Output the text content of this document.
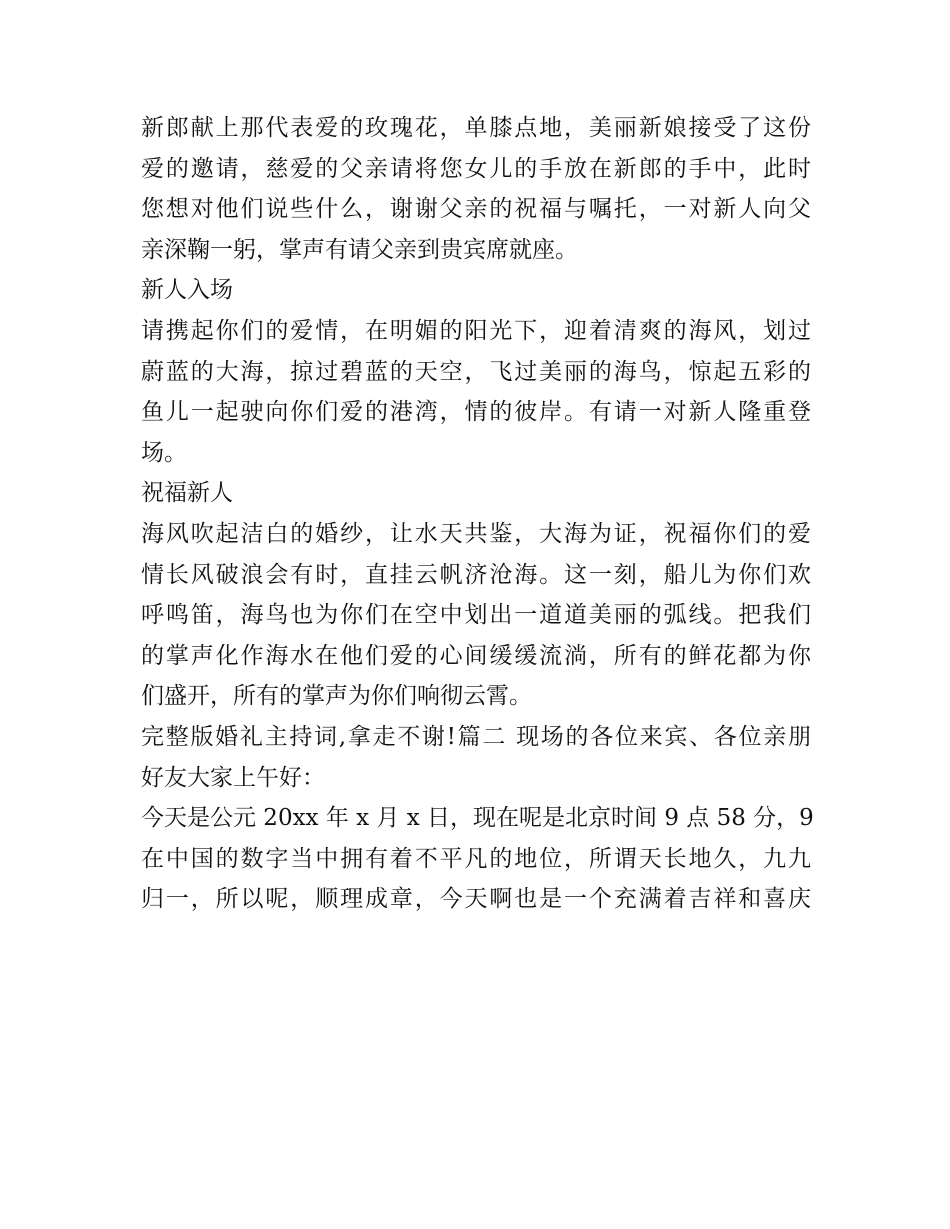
新郎献上那代表爱的玫瑰花，单膝点地，美丽新娘接受了这份
爱的邀请，慈爱的父亲请将您女儿的手放在新郎的手中，此时
您想对他们说些什么，谢谢父亲的祝福与嘱托，一对新人向父
亲深鞠一躬，掌声有请父亲到贵宾席就座。
新人入场
请携起你们的爱情，在明媚的阳光下，迎着清爽的海风，划过
蔚蓝的大海，掠过碧蓝的天空，飞过美丽的海鸟，惊起五彩的
鱼儿一起驶向你们爱的港湾，情的彼岸。有请一对新人隆重登
场。
祝福新人
海风吹起洁白的婚纱，让水天共鉴，大海为证，祝福你们的爱
情长风破浪会有时，直挂云帆济沧海。这一刻，船儿为你们欢
呼鸣笛，海鸟也为你们在空中划出一道道美丽的弧线。把我们
的掌声化作海水在他们爱的心间缓缓流淌，所有的鲜花都为你
们盛开，所有的掌声为你们响彻云霄。
完整版婚礼主持词,拿走不谢!篇二 现场的各位来宾、各位亲朋
好友大家上午好：
今天是公元 20xx 年 x 月 x 日，现在呢是北京时间 9 点 58 分，9
在中国的数字当中拥有着不平凡的地位，所谓天长地久，九九
归一，所以呢，顺理成章，今天啊也是一个充满着吉祥和喜庆
